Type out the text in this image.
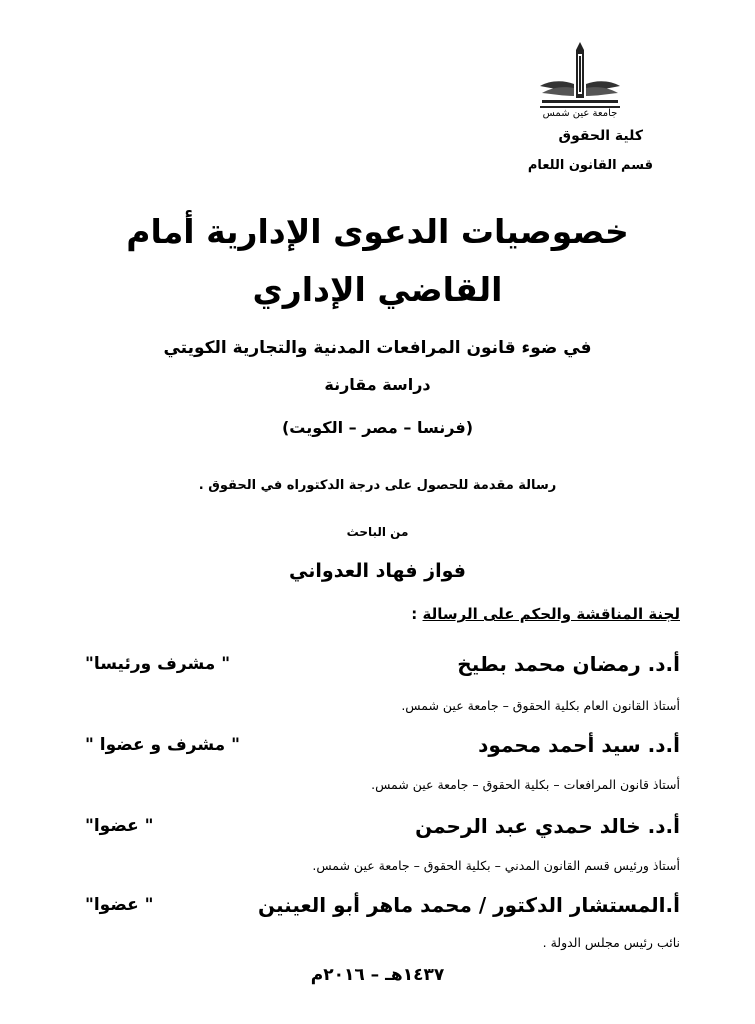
جامعة عين شمس
كلية الحقوق
قسم القانون اللعام
خصوصيات الدعوى الإدارية أمام
القاضي الإداري
في ضوء قانون المرافعات المدنية والتجارية الكويتي
دراسة مقارنة
(فرنسا – مصر – الكويت)
رسالة مقدمة للحصول على درجة الدكتوراه في الحقوق .
من الباحث
فواز فهاد العدواني
لجنة المناقشة والحكم على الرسالة :
أ.د. رمضان محمد بطيخ
" مشرف ورئيسا"
أستاذ القانون العام بكلية الحقوق – جامعة عين شمس.
أ.د. سيد أحمد محمود
" مشرف و عضوا "
أستاذ قانون المرافعات – بكلية الحقوق – جامعة عين شمس.
أ.د. خالد حمدي عبد الرحمن
" عضوا"
أستاذ ورئيس قسم القانون المدني – بكلية الحقوق – جامعة عين شمس.
أ.المستشار الدكتور / محمد ماهر أبو العينين
" عضوا"
نائب رئيس مجلس الدولة .
١٤٣٧هـ – ٢٠١٦م
